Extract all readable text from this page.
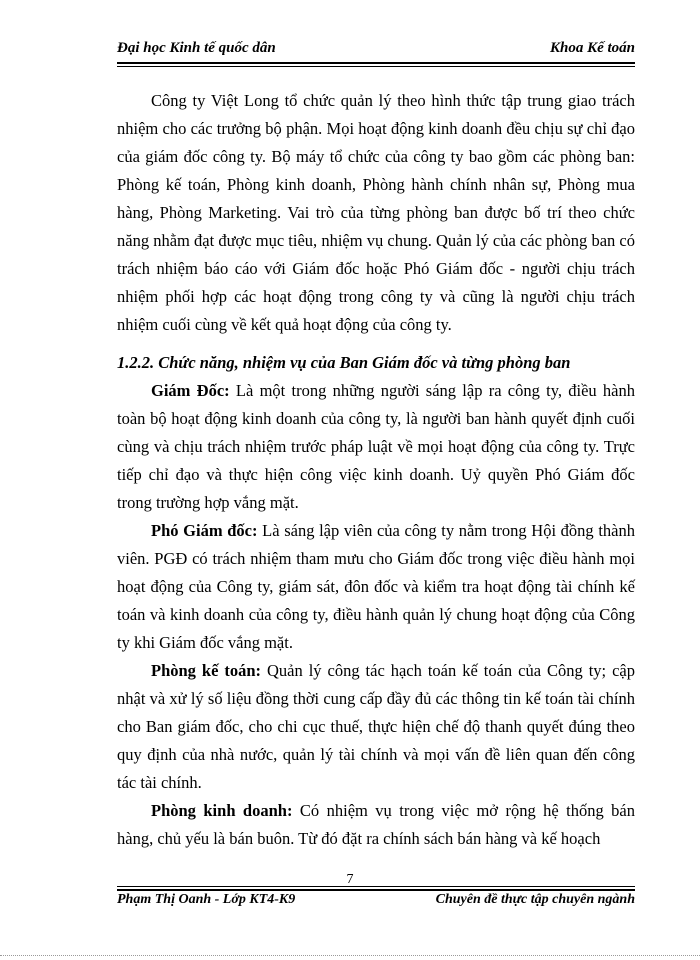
Đại học Kinh tế quốc dân	Khoa Kế toán

Công ty Việt Long tổ chức quản lý theo hình thức tập trung giao trách nhiệm cho các trưởng bộ phận. Mọi hoạt động kinh doanh đều chịu sự chỉ đạo của giám đốc công ty. Bộ máy tổ chức của công ty bao gồm các phòng ban: Phòng kế toán, Phòng kinh doanh, Phòng hành chính nhân sự, Phòng mua hàng, Phòng Marketing. Vai trò của từng phòng ban được bố trí theo chức năng nhằm đạt được mục tiêu, nhiệm vụ chung. Quản lý của các phòng ban có trách nhiệm báo cáo với Giám đốc hoặc Phó Giám đốc - người chịu trách nhiệm phối hợp các hoạt động trong công ty và cũng là người chịu trách nhiệm cuối cùng về kết quả hoạt động của công ty.

1.2.2. Chức năng, nhiệm vụ của Ban Giám đốc và từng phòng ban

Giám Đốc: Là một trong những người sáng lập ra công ty, điều hành toàn bộ hoạt động kinh doanh của công ty, là người ban hành quyết định cuối cùng và chịu trách nhiệm trước pháp luật về mọi hoạt động của công ty. Trực tiếp chỉ đạo và thực hiện công việc kinh doanh. Uỷ quyền Phó Giám đốc trong trường hợp vắng mặt.

Phó Giám đốc: Là sáng lập viên của công ty nằm trong Hội đồng thành viên. PGĐ có trách nhiệm tham mưu cho Giám đốc trong việc điều hành mọi hoạt động của Công ty, giám sát, đôn đốc và kiểm tra hoạt động tài chính kế toán và kinh doanh của công ty, điều hành quản lý chung hoạt động của Công ty khi Giám đốc vắng mặt.

Phòng kế toán: Quản lý công tác hạch toán kế toán của Công ty; cập nhật và xử lý số liệu đồng thời cung cấp đầy đủ các thông tin kế toán tài chính cho Ban giám đốc, cho chi cục thuế, thực hiện chế độ thanh quyết đúng theo quy định của nhà nước, quản lý tài chính và mọi vấn đề liên quan đến công tác tài chính.

Phòng kinh doanh: Có nhiệm vụ trong việc mở rộng hệ thống bán hàng, chủ yếu là bán buôn. Từ đó đặt ra chính sách bán hàng và kế hoạch

7
Phạm Thị Oanh - Lớp KT4-K9	Chuyên đề thực tập chuyên ngành
